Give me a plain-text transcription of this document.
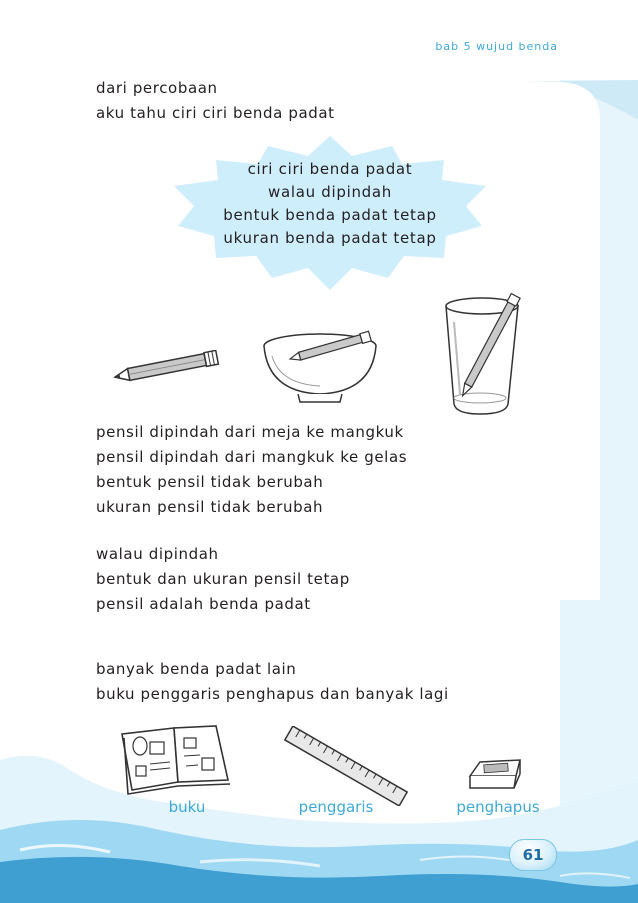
bab 5 wujud benda
dari percobaan
aku tahu ciri ciri benda padat
ciri ciri benda padat
walau dipindah
bentuk benda padat tetap
ukuran benda padat tetap
pensil dipindah dari meja ke mangkuk
pensil dipindah dari mangkuk ke gelas
bentuk pensil tidak berubah
ukuran pensil tidak berubah
walau dipindah
bentuk dan ukuran pensil tetap
pensil adalah benda padat
banyak benda padat lain
buku penggaris penghapus dan banyak lagi
buku	penggaris	penghapus
61
